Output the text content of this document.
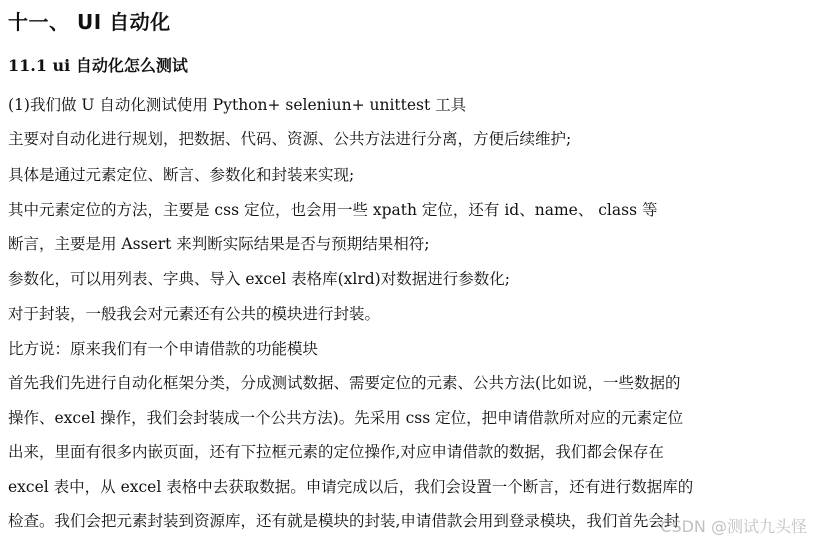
十一、 UI 自动化
11.1 ui 自动化怎么测试
(1)我们做 U 自动化测试使用 Python+ seleniun+ unittest 工具
主要对自动化进行规划，把数据、代码、资源、公共方法进行分离，方便后续维护;
具体是通过元素定位、断言、参数化和封装来实现;
其中元素定位的方法，主要是 css 定位，也会用一些 xpath 定位，还有 id、name、 class 等
断言，主要是用 Assert 来判断实际结果是否与预期结果相符;
参数化，可以用列表、字典、导入 excel 表格库(xlrd)对数据进行参数化;
对于封装，一般我会对元素还有公共的模块进行封装。
比方说：原来我们有一个申请借款的功能模块
首先我们先进行自动化框架分类，分成测试数据、需要定位的元素、公共方法(比如说，一些数据的
操作、excel 操作，我们会封装成一个公共方法)。先采用 css 定位，把申请借款所对应的元素定位
出来，里面有很多内嵌页面，还有下拉框元素的定位操作,对应申请借款的数据，我们都会保存在
excel 表中，从 excel 表格中去获取数据。申请完成以后，我们会设置一个断言，还有进行数据库的
检查。我们会把元素封装到资源库，还有就是模块的封装,申请借款会用到登录模块，我们首先会封
CSDN @测试九头怪
